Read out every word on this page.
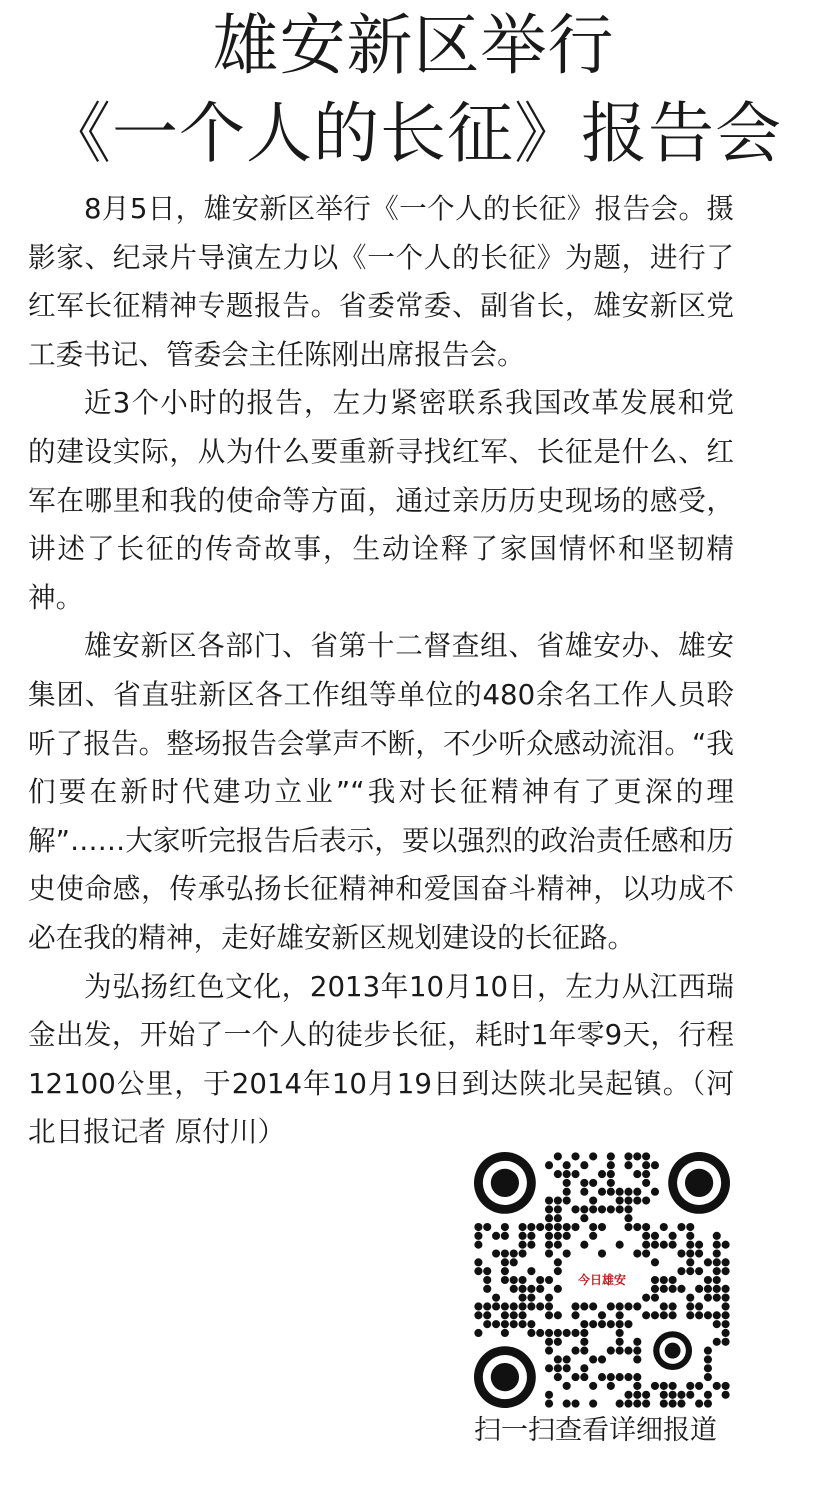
雄安新区举行
《一个人的长征》报告会

8月5日，雄安新区举行《一个人的长征》报告会。摄影家、纪录片导演左力以《一个人的长征》为题，进行了红军长征精神专题报告。省委常委、副省长，雄安新区党工委书记、管委会主任陈刚出席报告会。

近3个小时的报告，左力紧密联系我国改革发展和党的建设实际，从为什么要重新寻找红军、长征是什么、红军在哪里和我的使命等方面，通过亲历历史现场的感受，讲述了长征的传奇故事，生动诠释了家国情怀和坚韧精神。

雄安新区各部门、省第十二督查组、省雄安办、雄安集团、省直驻新区各工作组等单位的480余名工作人员聆听了报告。整场报告会掌声不断，不少听众感动流泪。“我们要在新时代建功立业”“我对长征精神有了更深的理解”……大家听完报告后表示，要以强烈的政治责任感和历史使命感，传承弘扬长征精神和爱国奋斗精神，以功成不必在我的精神，走好雄安新区规划建设的长征路。

为弘扬红色文化，2013年10月10日，左力从江西瑞金出发，开始了一个人的徒步长征，耗时1年零9天，行程12100公里，于2014年10月19日到达陕北吴起镇。（河北日报记者 原付川）

今日雄安
扫一扫查看详细报道
